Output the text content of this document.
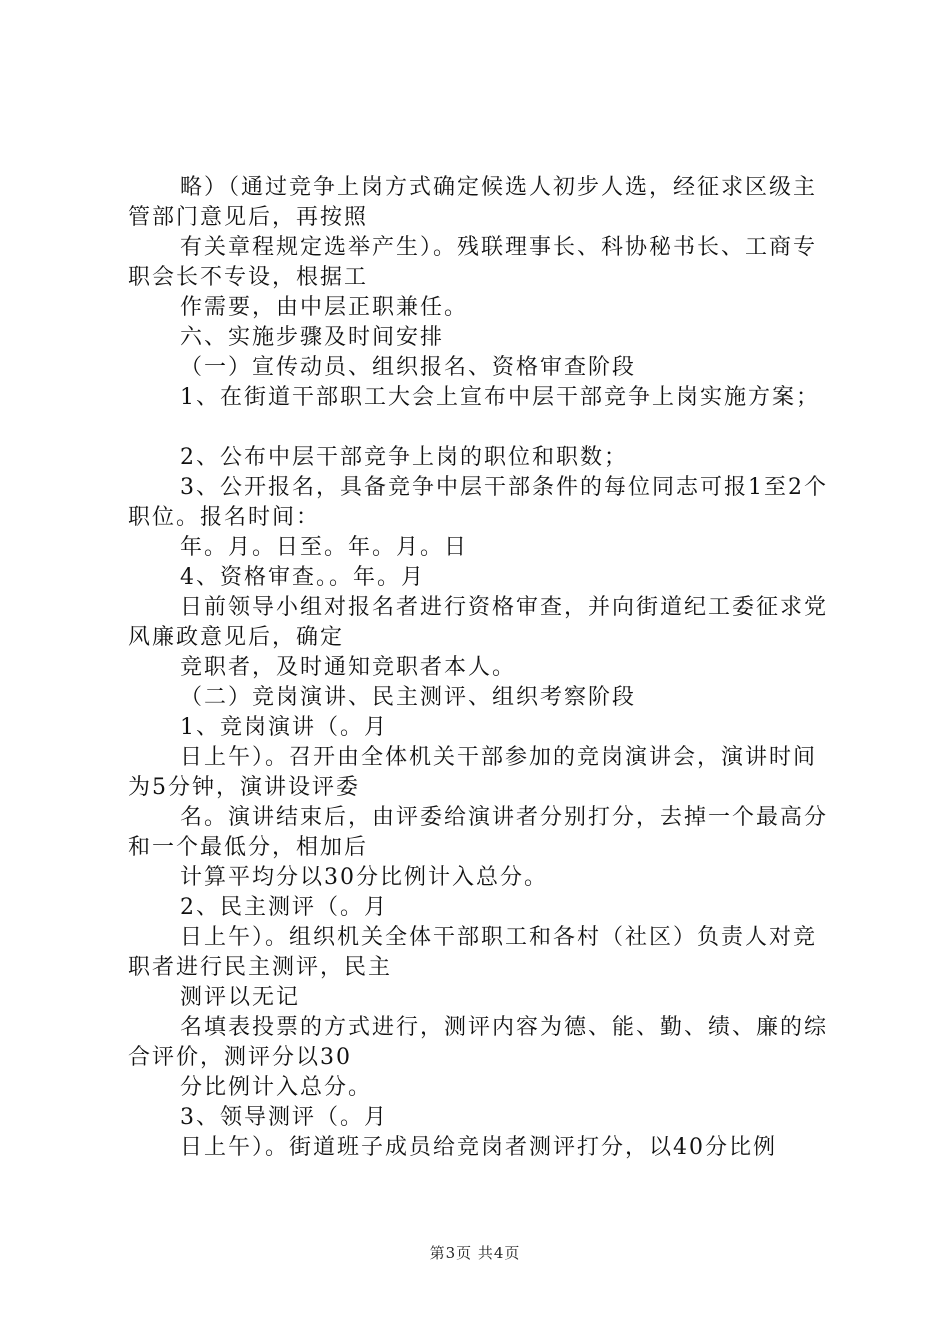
略）（通过竞争上岗方式确定候选人初步人选，经征求区级主管部门意见后，再按照

有关章程规定选举产生）。残联理事长、科协秘书长、工商专职会长不专设，根据工

作需要，由中层正职兼任。

六、实施步骤及时间安排

（一）宣传动员、组织报名、资格审查阶段

1、在街道干部职工大会上宣布中层干部竞争上岗实施方案；

2、公布中层干部竞争上岗的职位和职数；

3、公开报名，具备竞争中层干部条件的每位同志可报1至2个职位。报名时间：

年。月。日至。年。月。日

4、资格审查。。年。月

日前领导小组对报名者进行资格审查，并向街道纪工委征求党风廉政意见后，确定

竞职者，及时通知竞职者本人。

（二）竞岗演讲、民主测评、组织考察阶段

1、竞岗演讲（。月

日上午）。召开由全体机关干部参加的竞岗演讲会，演讲时间为5分钟，演讲设评委

名。演讲结束后，由评委给演讲者分别打分，去掉一个最高分和一个最低分，相加后

计算平均分以30分比例计入总分。

2、民主测评（。月

日上午）。组织机关全体干部职工和各村（社区）负责人对竞职者进行民主测评，民主

测评以无记

名填表投票的方式进行，测评内容为德、能、勤、绩、廉的综合评价，测评分以30

分比例计入总分。

3、领导测评（。月

日上午）。街道班子成员给竞岗者测评打分，以40分比例

第3页 共4页
